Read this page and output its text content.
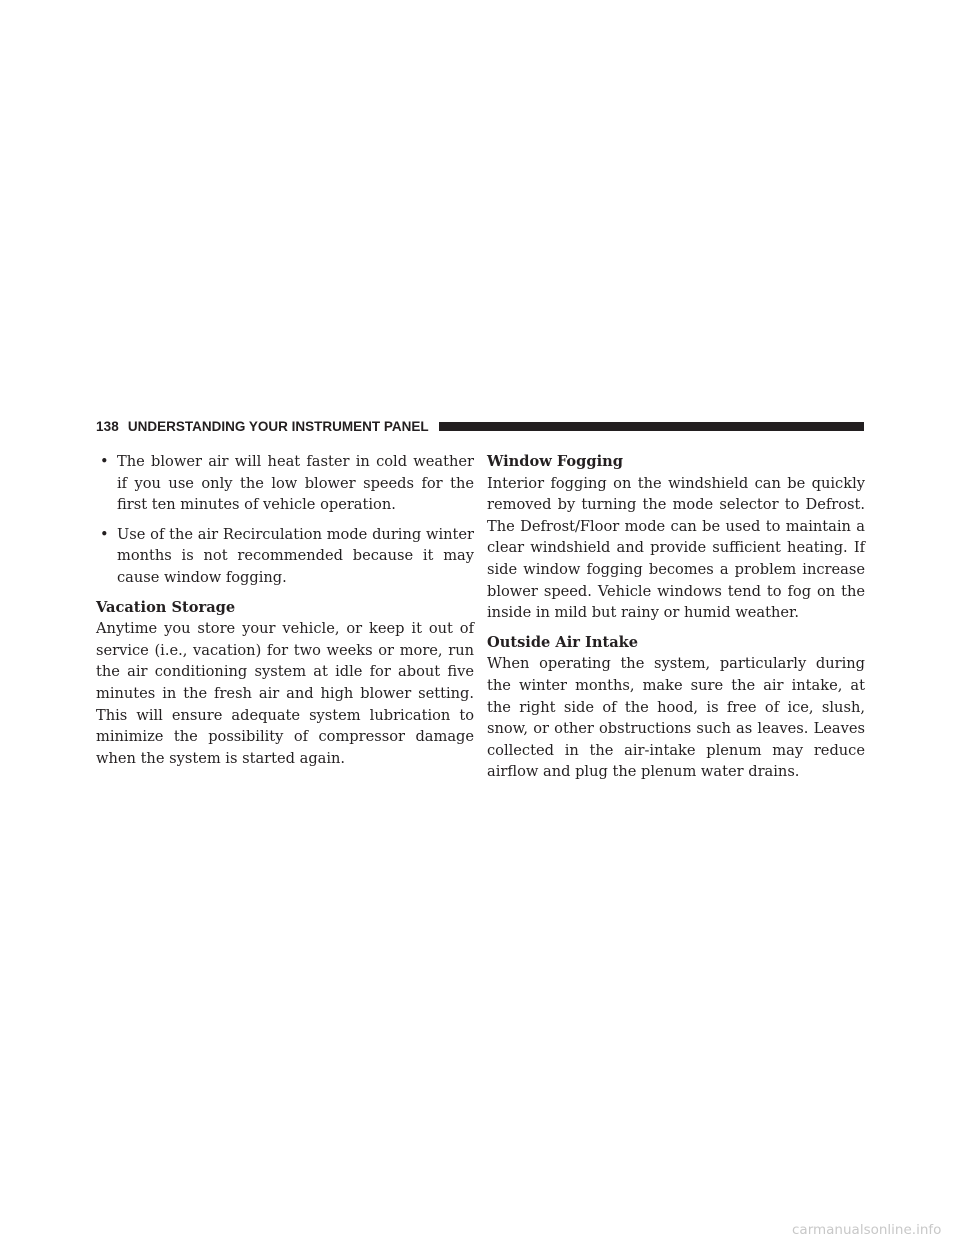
138 UNDERSTANDING YOUR INSTRUMENT PANEL
• The blower air will heat faster in cold weather if you use only the low blower speeds for the first ten minutes of vehicle operation.
• Use of the air Recirculation mode during winter months is not recommended because it may cause window fogging.

Vacation Storage

Anytime you store your vehicle, or keep it out of service (i.e., vacation) for two weeks or more, run the air conditioning system at idle for about five minutes in the fresh air and high blower setting. This will ensure adequate system lubrication to minimize the possibility of compressor damage when the system is started again.

Window Fogging

Interior fogging on the windshield can be quickly removed by turning the mode selector to Defrost. The Defrost/Floor mode can be used to maintain a clear windshield and provide sufficient heating. If side window fogging becomes a problem increase blower speed. Vehicle windows tend to fog on the inside in mild but rainy or humid weather.

Outside Air Intake

When operating the system, particularly during the winter months, make sure the air intake, at the right side of the hood, is free of ice, slush, snow, or other obstructions such as leaves. Leaves collected in the air-intake plenum may reduce airflow and plug the plenum water drains.

carmanualsonline.info
